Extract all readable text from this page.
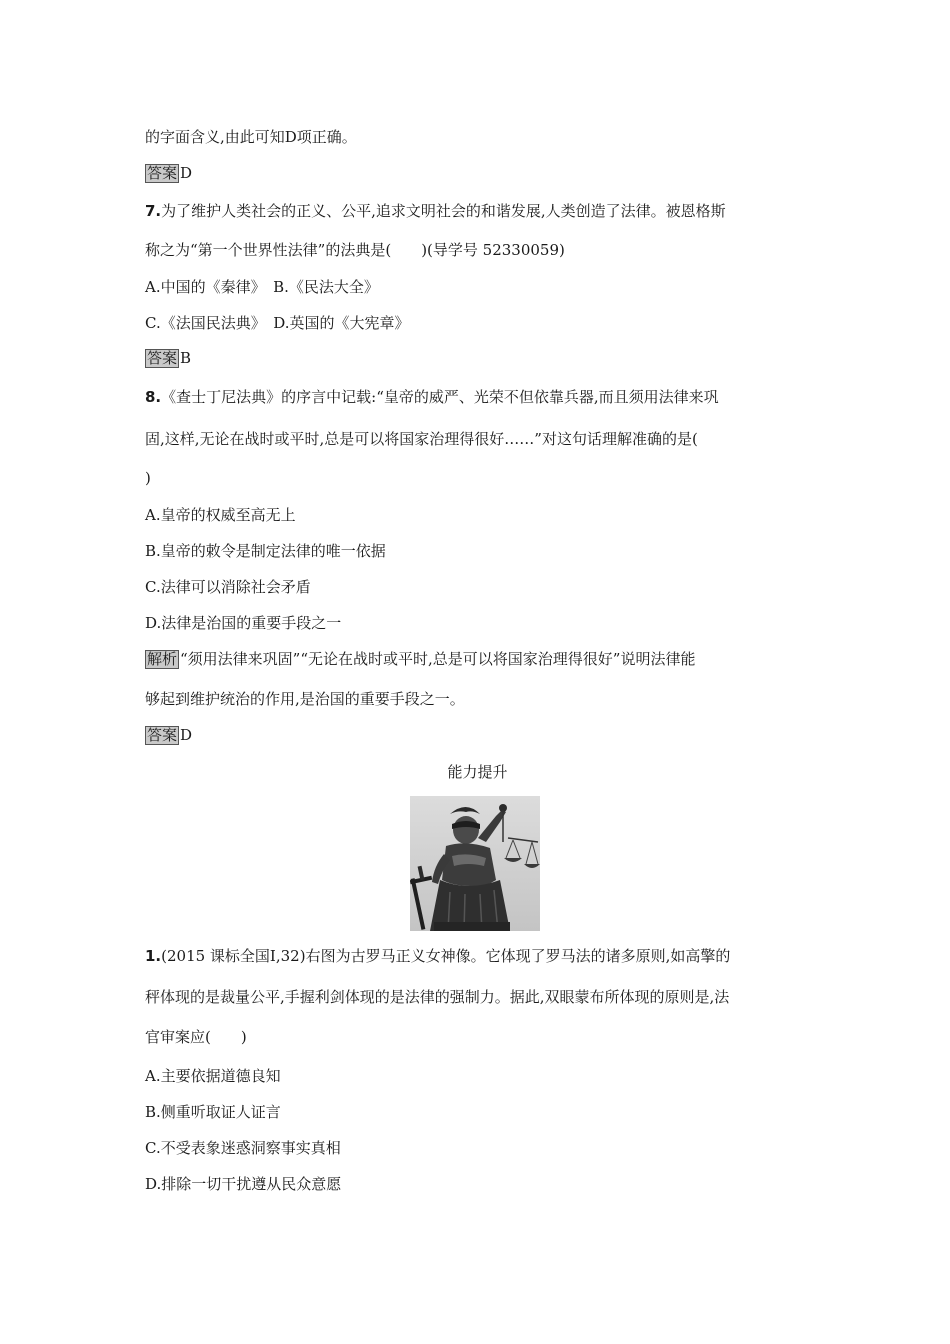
的字面含义,由此可知D项正确。
答案 D
7.为了维护人类社会的正义、公平,追求文明社会的和谐发展,人类创造了法律。被恩格斯
称之为“第一个世界性法律”的法典是(　　)(导学号 52330059)
A.中国的《秦律》　B.《民法大全》
C.《法国民法典》　D.英国的《大宪章》
答案 B
8.《查士丁尼法典》的序言中记载:“皇帝的威严、光荣不但依靠兵器,而且须用法律来巩
固,这样,无论在战时或平时,总是可以将国家治理得很好……”对这句话理解准确的是(
)
A.皇帝的权威至高无上
B.皇帝的敕令是制定法律的唯一依据
C.法律可以消除社会矛盾
D.法律是治国的重要手段之一
解析 “须用法律来巩固”“无论在战时或平时,总是可以将国家治理得很好”说明法律能
够起到维护统治的作用,是治国的重要手段之一。
答案 D
能力提升
1.(2015 课标全国Ⅰ,32)右图为古罗马正义女神像。它体现了罗马法的诸多原则,如高擎的
秤体现的是裁量公平,手握利剑体现的是法律的强制力。据此,双眼蒙布所体现的原则是,法
官审案应(　　)
A.主要依据道德良知
B.侧重听取证人证言
C.不受表象迷惑洞察事实真相
D.排除一切干扰遵从民众意愿
